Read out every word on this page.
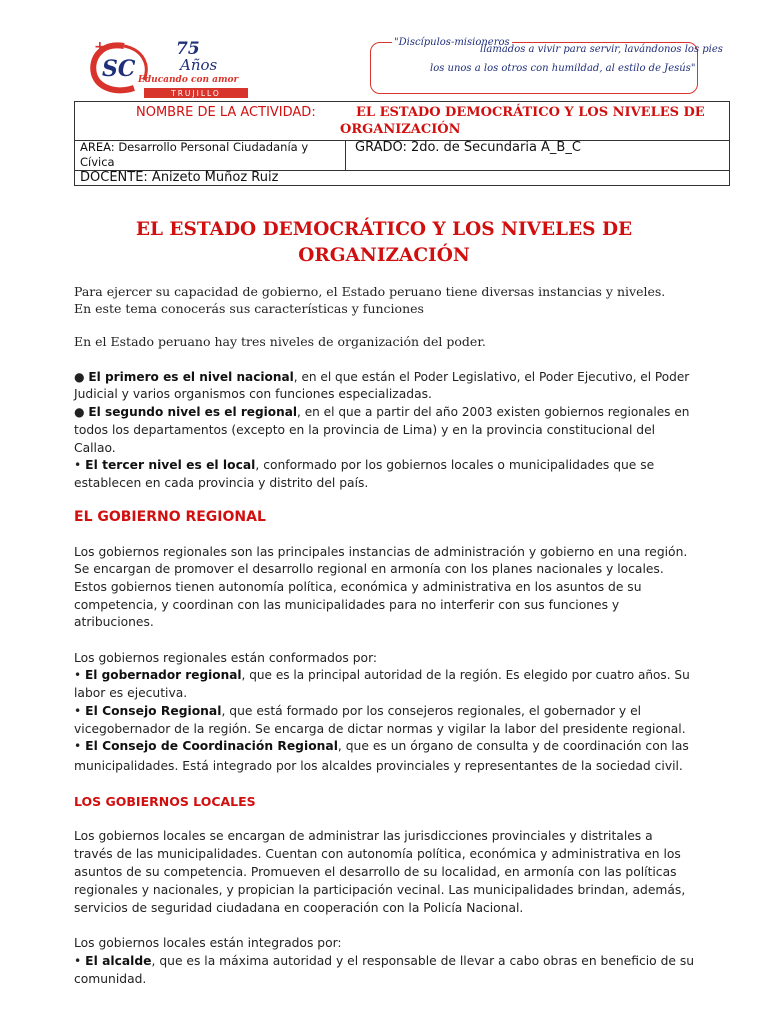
+
SC
75
Años
Educando con amor
TRUJILLO
"Discípulos-misioneros
llamados a vivir para servir, lavándonos los pies
los unos a los otros con humildad, al estilo de Jesús"
NOMBRE DE LA ACTIVIDAD:	EL ESTADO DEMOCRÁTICO Y LOS NIVELES DE
ORGANIZACIÓN
AREA: Desarrollo Personal Ciudadanía y
Cívica
GRADO: 2do. de Secundaria A_B_C
DOCENTE: Anizeto Muñoz Ruiz
EL ESTADO DEMOCRÁTICO Y LOS NIVELES DE
ORGANIZACIÓN
Para ejercer su capacidad de gobierno, el Estado peruano tiene diversas instancias y niveles.
En este tema conocerás sus características y funciones
En el Estado peruano hay tres niveles de organización del poder.
● El primero es el nivel nacional, en el que están el Poder Legislativo, el Poder Ejecutivo, el Poder
Judicial y varios organismos con funciones especializadas.
● El segundo nivel es el regional, en el que a partir del año 2003 existen gobiernos regionales en
todos los departamentos (excepto en la provincia de Lima) y en la provincia constitucional del
Callao.
• El tercer nivel es el local, conformado por los gobiernos locales o municipalidades que se
establecen en cada provincia y distrito del país.
EL GOBIERNO REGIONAL
Los gobiernos regionales son las principales instancias de administración y gobierno en una región.
Se encargan de promover el desarrollo regional en armonía con los planes nacionales y locales.
Estos gobiernos tienen autonomía política, económica y administrativa en los asuntos de su
competencia, y coordinan con las municipalidades para no interferir con sus funciones y
atribuciones.
Los gobiernos regionales están conformados por:
• El gobernador regional, que es la principal autoridad de la región. Es elegido por cuatro años. Su
labor es ejecutiva.
• El Consejo Regional, que está formado por los consejeros regionales, el gobernador y el
vicegobernador de la región. Se encarga de dictar normas y vigilar la labor del presidente regional.
• El Consejo de Coordinación Regional, que es un órgano de consulta y de coordinación con las
municipalidades. Está integrado por los alcaldes provinciales y representantes de la sociedad civil.
LOS GOBIERNOS LOCALES
Los gobiernos locales se encargan de administrar las jurisdicciones provinciales y distritales a
través de las municipalidades. Cuentan con autonomía política, económica y administrativa en los
asuntos de su competencia. Promueven el desarrollo de su localidad, en armonía con las políticas
regionales y nacionales, y propician la participación vecinal. Las municipalidades brindan, además,
servicios de seguridad ciudadana en cooperación con la Policía Nacional.
Los gobiernos locales están integrados por:
• El alcalde, que es la máxima autoridad y el responsable de llevar a cabo obras en beneficio de su
comunidad.
